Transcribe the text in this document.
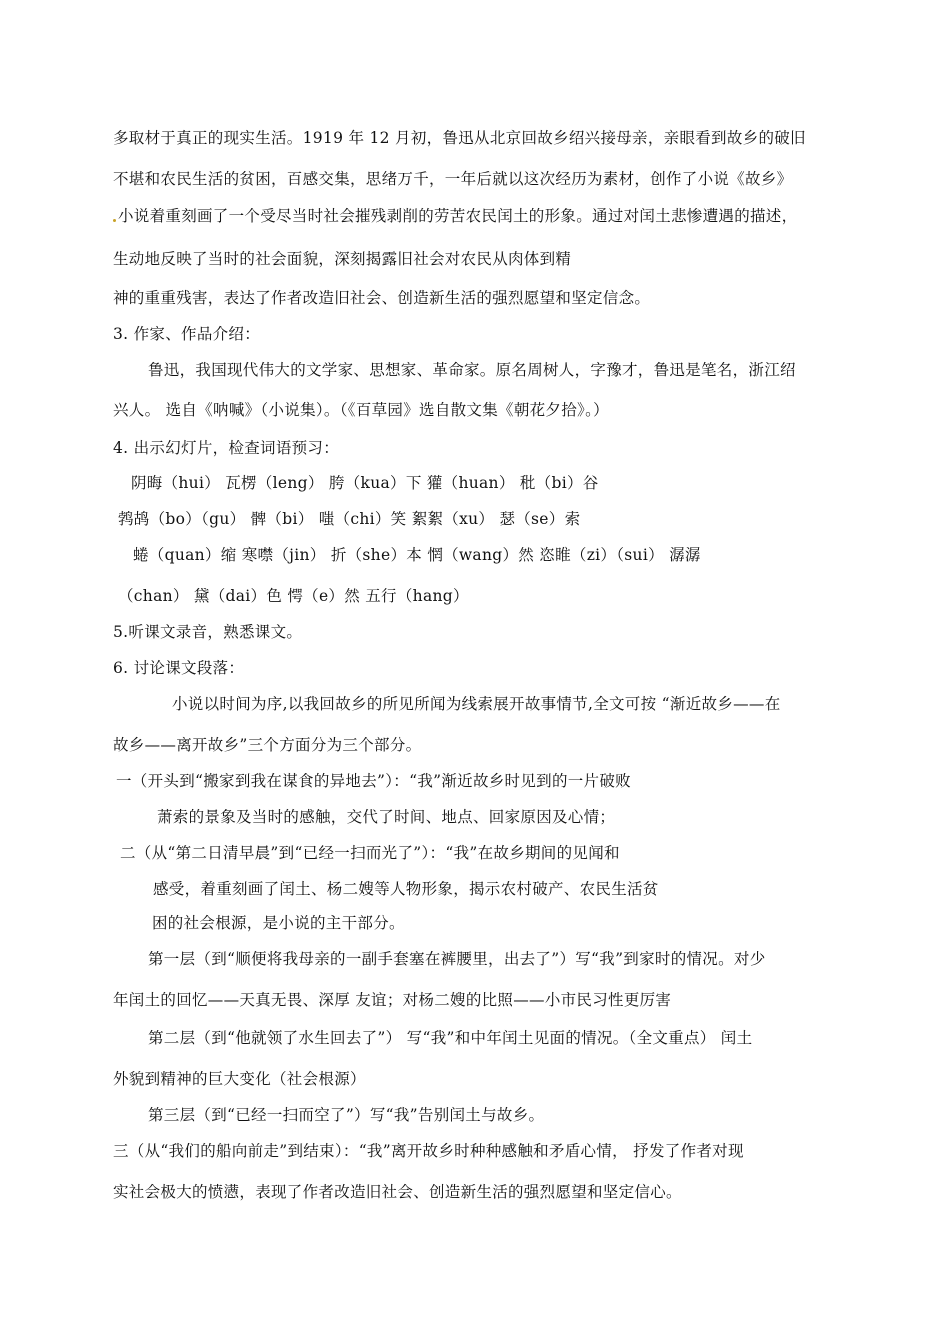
多取材于真正的现实生活。1919 年 12 月初，鲁迅从北京回故乡绍兴接母亲，亲眼看到故乡的破旧
不堪和农民生活的贫困，百感交集，思绪万千，一年后就以这次经历为素材，创作了小说《故乡》
小说着重刻画了一个受尽当时社会摧残剥削的劳苦农民闰土的形象。通过对闰土悲惨遭遇的描述，
生动地反映了当时的社会面貌，深刻揭露旧社会对农民从肉体到精
神的重重残害，表达了作者改造旧社会、创造新生活的强烈愿望和坚定信念。
3. 作家、作品介绍：
鲁迅，我国现代伟大的文学家、思想家、革命家。原名周树人，字豫才，鲁迅是笔名，浙江绍
兴人。 选自《呐喊》（小说集）。（《百草园》选自散文集《朝花夕拾》。）
4. 出示幻灯片，检查词语预习：
阴晦（hui） 瓦楞（leng） 胯（kua）下 獾（huan） 秕（bi）谷
鹁鸪（bo）（gu） 髀（bi） 嗤（chi）笑 絮絮（xu） 瑟（se）索
蜷（quan）缩 寒噤（jin） 折（she）本 惘（wang）然 恣睢（zi）（sui） 潺潺
（chan） 黛（dai）色 愕（e）然 五行（hang）
5.听课文录音，熟悉课文。
6. 讨论课文段落：
小说以时间为序,以我回故乡的所见所闻为线索展开故事情节,全文可按 “渐近故乡——在
故乡——离开故乡”三个方面分为三个部分。
一（开头到“搬家到我在谋食的异地去”）：“我”渐近故乡时见到的一片破败
萧索的景象及当时的感触，交代了时间、地点、回家原因及心情；
二（从“第二日清早晨”到“已经一扫而光了”）：“我”在故乡期间的见闻和
感受，着重刻画了闰土、杨二嫂等人物形象，揭示农村破产、农民生活贫
困的社会根源，是小说的主干部分。
第一层（到“顺便将我母亲的一副手套塞在裤腰里，出去了”）写“我”到家时的情况。对少
年闰土的回忆——天真无畏、深厚 友谊；对杨二嫂的比照——小市民习性更厉害
第二层（到“他就领了水生回去了”） 写“我”和中年闰土见面的情况。（全文重点） 闰土
外貌到精神的巨大变化（社会根源）
第三层（到“已经一扫而空了”）写“我”告别闰土与故乡。
三（从“我们的船向前走”到结束）：“我”离开故乡时种种感触和矛盾心情， 抒发了作者对现
实社会极大的愤懑，表现了作者改造旧社会、创造新生活的强烈愿望和坚定信心。
